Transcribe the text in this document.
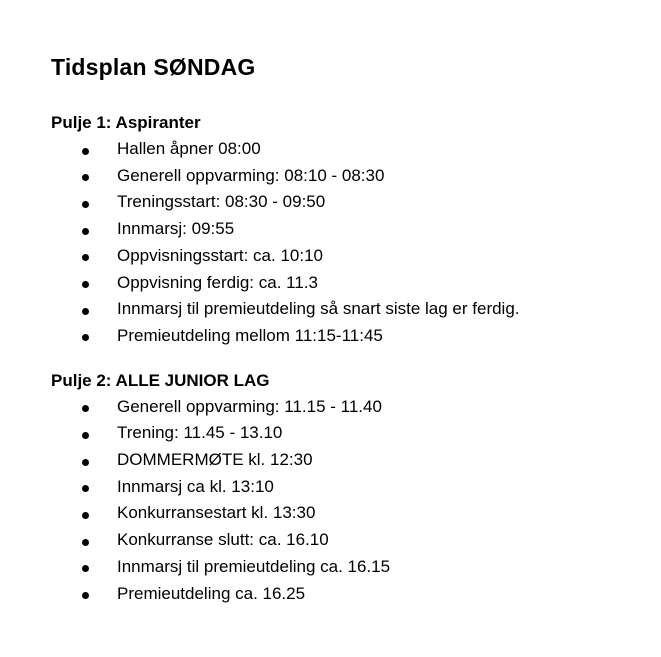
Tidsplan SØNDAG
Pulje 1: Aspiranter
Hallen åpner 08:00
Generell oppvarming: 08:10 - 08:30
Treningsstart: 08:30 - 09:50
Innmarsj: 09:55
Oppvisningsstart: ca. 10:10
Oppvisning ferdig: ca. 11.3
Innmarsj til premieutdeling så snart siste lag er ferdig.
Premieutdeling mellom 11:15-11:45
Pulje 2: ALLE JUNIOR LAG
Generell oppvarming: 11.15 - 11.40
Trening: 11.45 - 13.10
DOMMERMØTE kl. 12:30
Innmarsj ca kl. 13:10
Konkurransestart kl. 13:30
Konkurranse slutt: ca. 16.10
Innmarsj til premieutdeling ca. 16.15
Premieutdeling ca. 16.25
